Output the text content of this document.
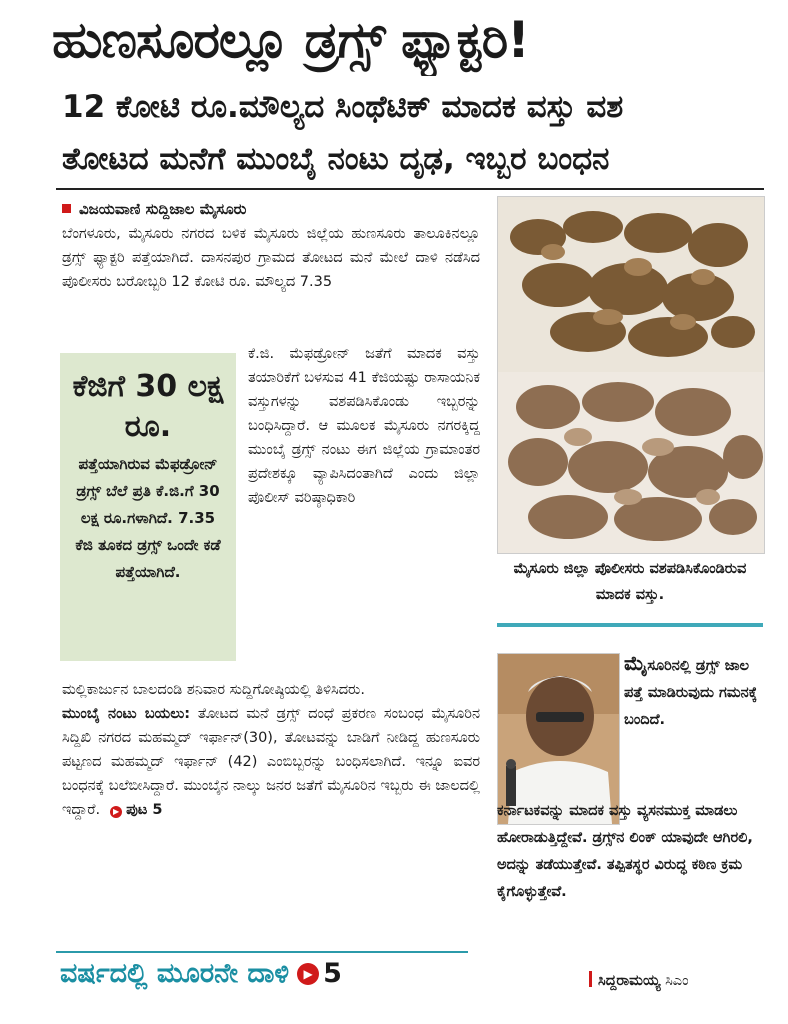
ಹುಣಸೂರಲ್ಲೂ ಡ್ರಗ್ಸ್ ಫ್ಯಾಕ್ಟರಿ!
12 ಕೋಟಿ ರೂ.ಮೌಲ್ಯದ ಸಿಂಥೆಟಿಕ್ ಮಾದಕ ವಸ್ತು ವಶ
ತೋಟದ ಮನೆಗೆ ಮುಂಬೈ ನಂಟು ದೃಢ, ಇಬ್ಬರ ಬಂಧನ
ವಿಜಯವಾಣಿ ಸುದ್ದಿಜಾಲ ಮೈಸೂರು

ಬೆಂಗಳೂರು, ಮೈಸೂರು ನಗರದ ಬಳಿಕ ಮೈಸೂರು ಜಿಲ್ಲೆಯ ಹುಣಸೂರು ತಾಲೂಕಿನಲ್ಲೂ ಡ್ರಗ್ಸ್ ಫ್ಯಾಕ್ಟರಿ ಪತ್ತೆಯಾಗಿದೆ. ದಾಸನಪುರ ಗ್ರಾಮದ ತೋಟದ ಮನೆ ಮೇಲೆ ದಾಳಿ ನಡೆಸಿದ ಪೊಲೀಸರು ಬರೋಬ್ಬರಿ 12 ಕೋಟಿ ರೂ. ಮೌಲ್ಯದ 7.35

ಕೆಜಿಗೆ 30 ಲಕ್ಷ ರೂ.
ಪತ್ತೆಯಾಗಿರುವ ಮೆಫಡ್ರೋನ್ ಡ್ರಗ್ಸ್ ಬೆಲೆ ಪ್ರತಿ ಕೆ.ಜಿ.ಗೆ 30 ಲಕ್ಷ ರೂ.ಗಳಾಗಿದೆ. 7.35 ಕೆಜಿ ತೂಕದ ಡ್ರಗ್ಸ್ ಒಂದೇ ಕಡೆ ಪತ್ತೆಯಾಗಿದೆ.

ಕೆ.ಜಿ. ಮೆಫಡ್ರೋನ್ ಜತೆಗೆ ಮಾದಕ ವಸ್ತು ತಯಾರಿಕೆಗೆ ಬಳಸುವ 41 ಕೆಜಿಯಷ್ಟು ರಾಸಾಯನಿಕ ವಸ್ತುಗಳನ್ನು ವಶಪಡಿಸಿಕೊಂಡು ಇಬ್ಬರನ್ನು ಬಂಧಿಸಿದ್ದಾರೆ. ಆ ಮೂಲಕ ಮೈಸೂರು ನಗರಕ್ಕಿದ್ದ ಮುಂಬೈ ಡ್ರಗ್ಸ್ ನಂಟು ಈಗ ಜಿಲ್ಲೆಯ ಗ್ರಾಮಾಂತರ ಪ್ರದೇಶಕ್ಕೂ ವ್ಯಾಪಿಸಿದಂತಾಗಿದೆ ಎಂದು ಜಿಲ್ಲಾ ಪೊಲೀಸ್ ವರಿಷ್ಠಾಧಿಕಾರಿ

ಮಲ್ಲಿಕಾರ್ಜುನ ಬಾಲದಂಡಿ ಶನಿವಾರ ಸುದ್ದಿಗೋಷ್ಠಿಯಲ್ಲಿ ತಿಳಿಸಿದರು.

ಮುಂಬೈ ನಂಟು ಬಯಲು: ತೋಟದ ಮನೆ ಡ್ರಗ್ಸ್ ದಂಧೆ ಪ್ರಕರಣ ಸಂಬಂಧ ಮೈಸೂರಿನ ಸಿದ್ದಿಖಿ ನಗರದ ಮಹಮ್ಮದ್ ಇರ್ಫಾನ್(30), ತೋಟವನ್ನು ಬಾಡಿಗೆ ನೀಡಿದ್ದ ಹುಣಸೂರು ಪಟ್ಟಣದ ಮಹಮ್ಮದ್ ಇರ್ಫಾನ್ (42) ಎಂಬಿಬ್ಬರನ್ನು ಬಂಧಿಸಲಾಗಿದೆ. ಇನ್ನೂ ಐವರ ಬಂಧನಕ್ಕೆ ಬಲೆಬೀಸಿದ್ದಾರೆ. ಮುಂಬೈನ ನಾಲ್ಕು ಜನರ ಜತೆಗೆ ಮೈಸೂರಿನ ಇಬ್ಬರು ಈ ಜಾಲದಲ್ಲಿ ಇದ್ದಾರೆ. ▶ ಪುಟ 5

ಮೈಸೂರು ಜಿಲ್ಲಾ ಪೊಲೀಸರು ವಶಪಡಿಸಿಕೊಂಡಿರುವ ಮಾದಕ ವಸ್ತು.
ಮೈಸೂರಿನಲ್ಲಿ ಡ್ರಗ್ಸ್ ಜಾಲ ಪತ್ತೆ ಮಾಡಿರುವುದು ಗಮನಕ್ಕೆ ಬಂದಿದೆ.
ಕರ್ನಾಟಕವನ್ನು ಮಾದಕ ವಸ್ತು ವ್ಯಸನಮುಕ್ತ ಮಾಡಲು ಹೋರಾಡುತ್ತಿದ್ದೇವೆ. ಡ್ರಗ್ಸ್‌ನ ಲಿಂಕ್ ಯಾವುದೇ ಆಗಿರಲಿ, ಅದನ್ನು ತಡೆಯುತ್ತೇವೆ. ತಪ್ಪಿತಸ್ಥರ ವಿರುದ್ಧ ಕಠಿಣ ಕ್ರಮ ಕೈಗೊಳ್ಳುತ್ತೇವೆ.
ಸಿದ್ದರಾಮಯ್ಯ ಸಿಎಂ
ವರ್ಷದಲ್ಲಿ ಮೂರನೇ ದಾಳಿ ▶ 5
